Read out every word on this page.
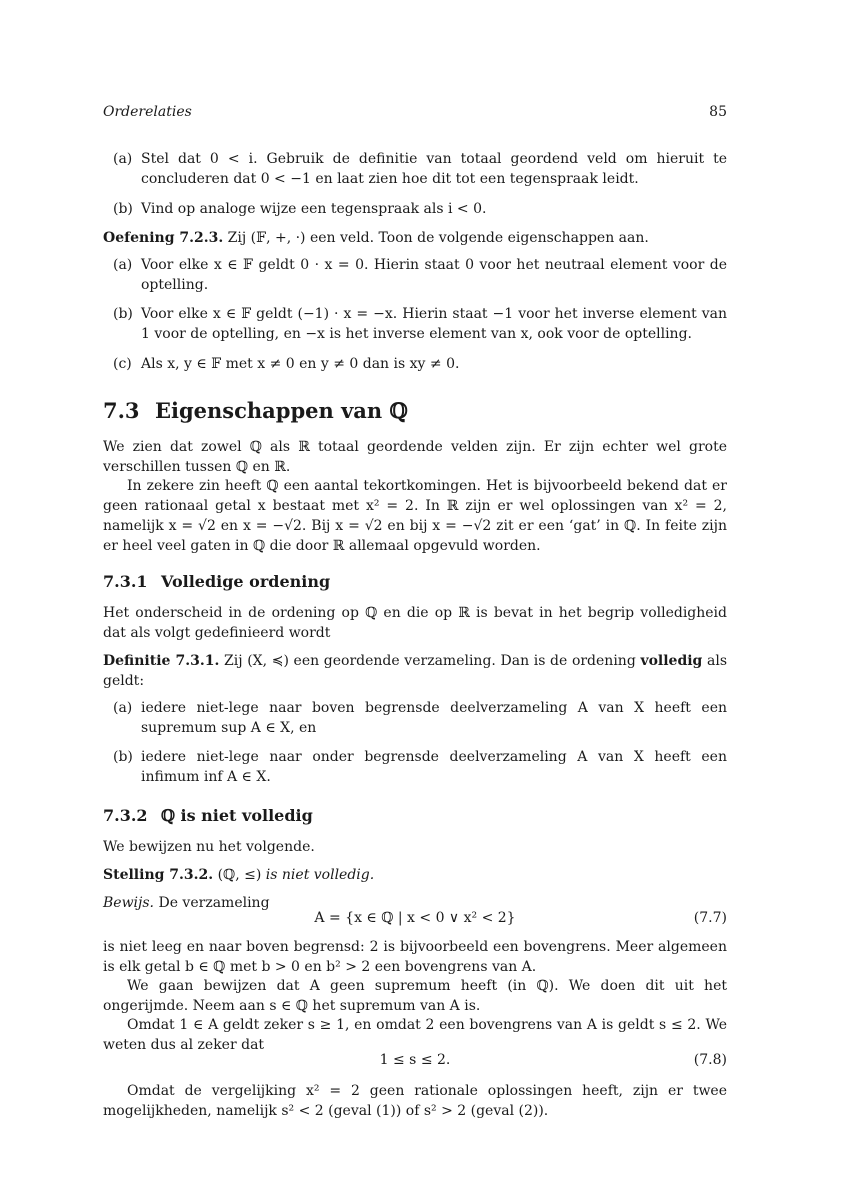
Orderelaties	85
(a) Stel dat 0 < i. Gebruik de definitie van totaal geordend veld om hieruit te concluderen dat 0 < −1 en laat zien hoe dit tot een tegenspraak leidt.
(b) Vind op analoge wijze een tegenspraak als i < 0.
Oefening 7.2.3. Zij (𝔽, +, ·) een veld. Toon de volgende eigenschappen aan.
(a) Voor elke x ∈ 𝔽 geldt 0 · x = 0. Hierin staat 0 voor het neutraal element voor de optelling.
(b) Voor elke x ∈ 𝔽 geldt (−1) · x = −x. Hierin staat −1 voor het inverse element van 1 voor de optelling, en −x is het inverse element van x, ook voor de optelling.
(c) Als x, y ∈ 𝔽 met x ≠ 0 en y ≠ 0 dan is xy ≠ 0.
7.3 Eigenschappen van ℚ
We zien dat zowel ℚ als ℝ totaal geordende velden zijn. Er zijn echter wel grote verschillen tussen ℚ en ℝ.
In zekere zin heeft ℚ een aantal tekortkomingen. Het is bijvoorbeeld bekend dat er geen rationaal getal x bestaat met x² = 2. In ℝ zijn er wel oplossingen van x² = 2, namelijk x = √2 en x = −√2. Bij x = √2 en bij x = −√2 zit er een ‘gat’ in ℚ. In feite zijn er heel veel gaten in ℚ die door ℝ allemaal opgevuld worden.
7.3.1 Volledige ordening
Het onderscheid in de ordening op ℚ en die op ℝ is bevat in het begrip volledigheid dat als volgt gedefinieerd wordt
Definitie 7.3.1. Zij (X, ≼) een geordende verzameling. Dan is de ordening volledig als geldt:
(a) iedere niet-lege naar boven begrensde deelverzameling A van X heeft een supremum sup A ∈ X, en
(b) iedere niet-lege naar onder begrensde deelverzameling A van X heeft een infimum inf A ∈ X.
7.3.2 ℚ is niet volledig
We bewijzen nu het volgende.
Stelling 7.3.2. (ℚ, ≤) is niet volledig.
Bewijs. De verzameling
A = {x ∈ ℚ | x < 0 ∨ x² < 2}	(7.7)
is niet leeg en naar boven begrensd: 2 is bijvoorbeeld een bovengrens. Meer algemeen is elk getal b ∈ ℚ met b > 0 en b² > 2 een bovengrens van A.
We gaan bewijzen dat A geen supremum heeft (in ℚ). We doen dit uit het ongerijmde. Neem aan s ∈ ℚ het supremum van A is.
Omdat 1 ∈ A geldt zeker s ≥ 1, en omdat 2 een bovengrens van A is geldt s ≤ 2. We weten dus al zeker dat
1 ≤ s ≤ 2.	(7.8)
Omdat de vergelijking x² = 2 geen rationale oplossingen heeft, zijn er twee mogelijkheden, namelijk s² < 2 (geval (1)) of s² > 2 (geval (2)).
